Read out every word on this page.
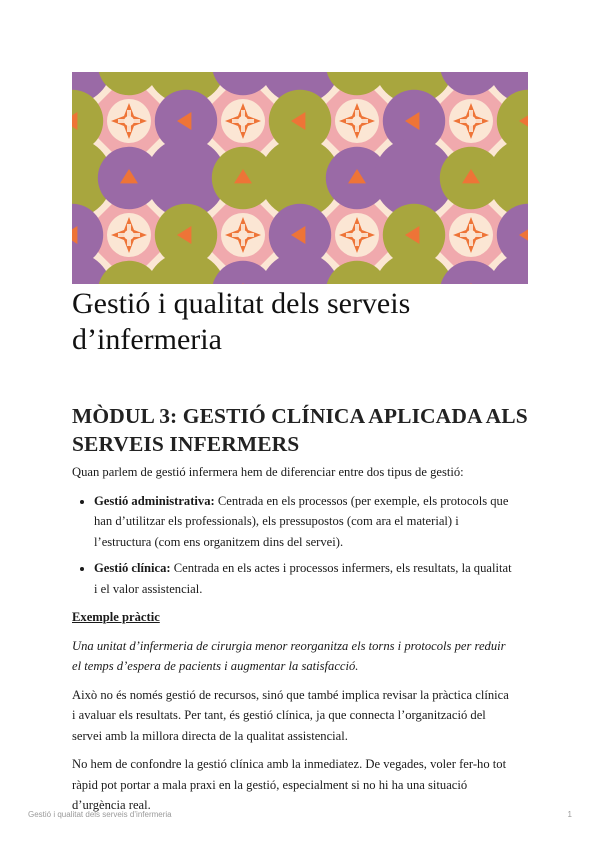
Gestió i qualitat dels serveis d’infermeria
MÒDUL 3: GESTIÓ CLÍNICA APLICADA ALS SERVEIS INFERMERS

Quan parlem de gestió infermera hem de diferenciar entre dos tipus de gestió:

• Gestió administrativa: Centrada en els processos (per exemple, els protocols que han d’utilitzar els professionals), els pressupostos (com ara el material) i l’estructura (com ens organitzem dins del servei).
• Gestió clínica: Centrada en els actes i processos infermers, els resultats, la qualitat i el valor assistencial.

Exemple pràctic

Una unitat d’infermeria de cirurgia menor reorganitza els torns i protocols per reduir el temps d’espera de pacients i augmentar la satisfacció.

Això no és només gestió de recursos, sinó que també implica revisar la pràctica clínica i avaluar els resultats. Per tant, és gestió clínica, ja que connecta l’organització del servei amb la millora directa de la qualitat assistencial.

No hem de confondre la gestió clínica amb la inmediatez. De vegades, voler fer-ho tot ràpid pot portar a mala praxi en la gestió, especialment si no hi ha una situació d’urgència real.

Gestió i qualitat dels serveis d’infermeria	1
